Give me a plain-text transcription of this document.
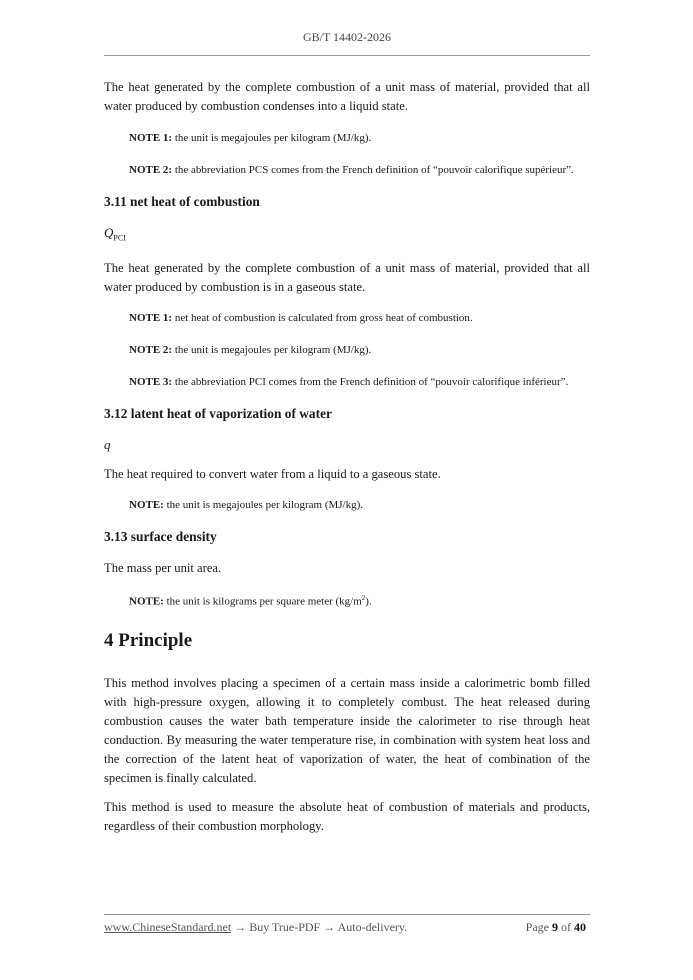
GB/T 14402-2026

The heat generated by the complete combustion of a unit mass of material, provided that all water produced by combustion condenses into a liquid state.

NOTE 1: the unit is megajoules per kilogram (MJ/kg).

NOTE 2: the abbreviation PCS comes from the French definition of “pouvoir calorifique supérieur”.

3.11 net heat of combustion

$Q_{PCI}$

The heat generated by the complete combustion of a unit mass of material, provided that all water produced by combustion is in a gaseous state.

NOTE 1: net heat of combustion is calculated from gross heat of combustion.

NOTE 2: the unit is megajoules per kilogram (MJ/kg).

NOTE 3: the abbreviation PCI comes from the French definition of “pouvoir calorifique inférieur”.

3.12 latent heat of vaporization of water

q

The heat required to convert water from a liquid to a gaseous state.

NOTE: the unit is megajoules per kilogram (MJ/kg).

3.13 surface density

The mass per unit area.

NOTE: the unit is kilograms per square meter $(kg/m^2)$.

4 Principle

This method involves placing a specimen of a certain mass inside a calorimetric bomb filled with high-pressure oxygen, allowing it to completely combust. The heat released during combustion causes the water bath temperature inside the calorimeter to rise through heat conduction. By measuring the water temperature rise, in combination with system heat loss and the correction of the latent heat of vaporization of water, the heat of combination of the specimen is finally calculated.

This method is used to measure the absolute heat of combustion of materials and products, regardless of their combustion morphology.

www.ChineseStandard.net → Buy True-PDF → Auto-delivery.	Page 9 of 40
